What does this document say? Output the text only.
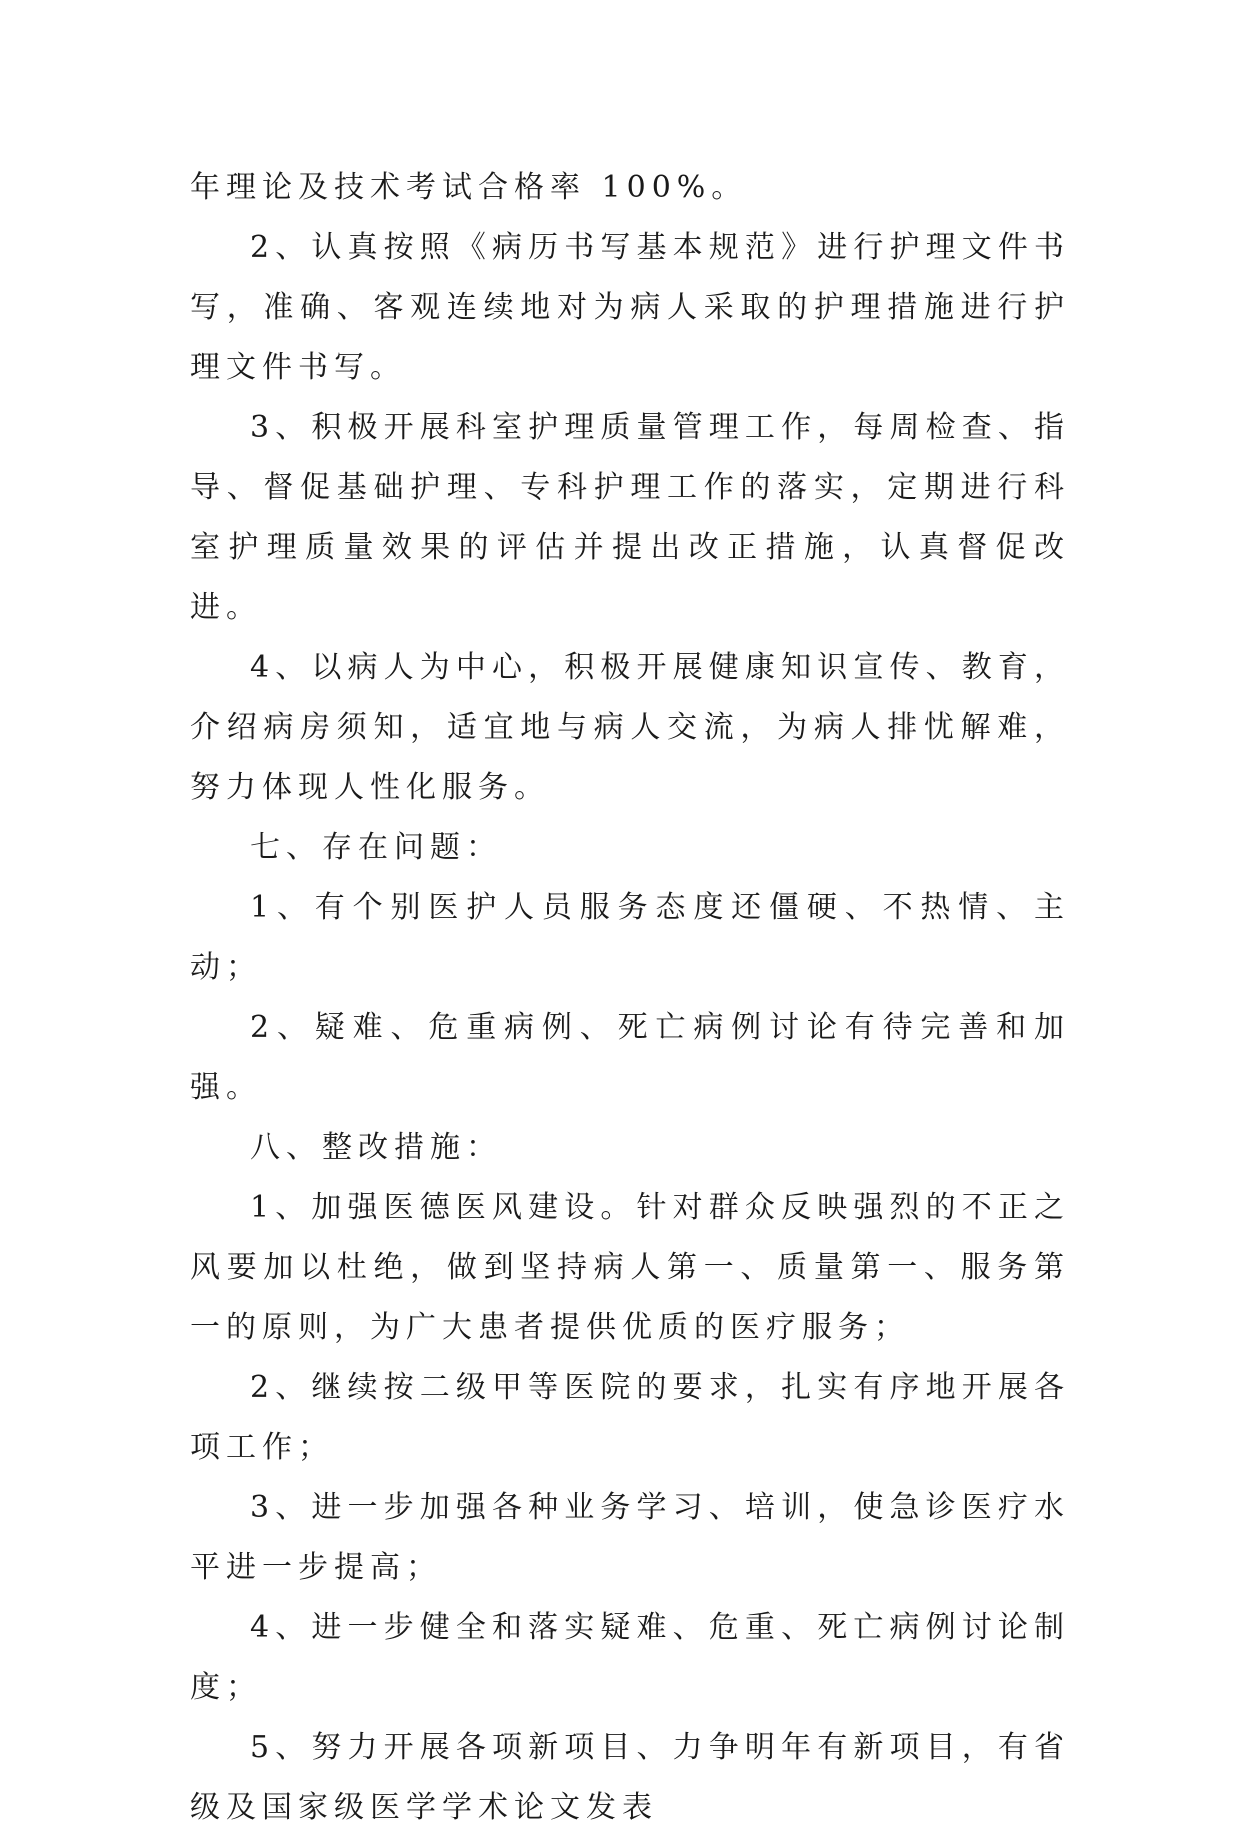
年理论及技术考试合格率 100%。

2、认真按照《病历书写基本规范》进行护理文件书写，准确、客观连续地对为病人采取的护理措施进行护理文件书写。

3、积极开展科室护理质量管理工作，每周检查、指导、督促基础护理、专科护理工作的落实，定期进行科室护理质量效果的评估并提出改正措施，认真督促改进。

4、以病人为中心，积极开展健康知识宣传、教育，介绍病房须知，适宜地与病人交流，为病人排忧解难，努力体现人性化服务。

七、存在问题：

1、有个别医护人员服务态度还僵硬、不热情、主动；

2、疑难、危重病例、死亡病例讨论有待完善和加强。

八、整改措施：

1、加强医德医风建设。针对群众反映强烈的不正之风要加以杜绝，做到坚持病人第一、质量第一、服务第一的原则，为广大患者提供优质的医疗服务；

2、继续按二级甲等医院的要求，扎实有序地开展各项工作；

3、进一步加强各种业务学习、培训，使急诊医疗水平进一步提高；

4、进一步健全和落实疑难、危重、死亡病例讨论制度；

5、努力开展各项新项目、力争明年有新项目，有省级及国家级医学学术论文发表
